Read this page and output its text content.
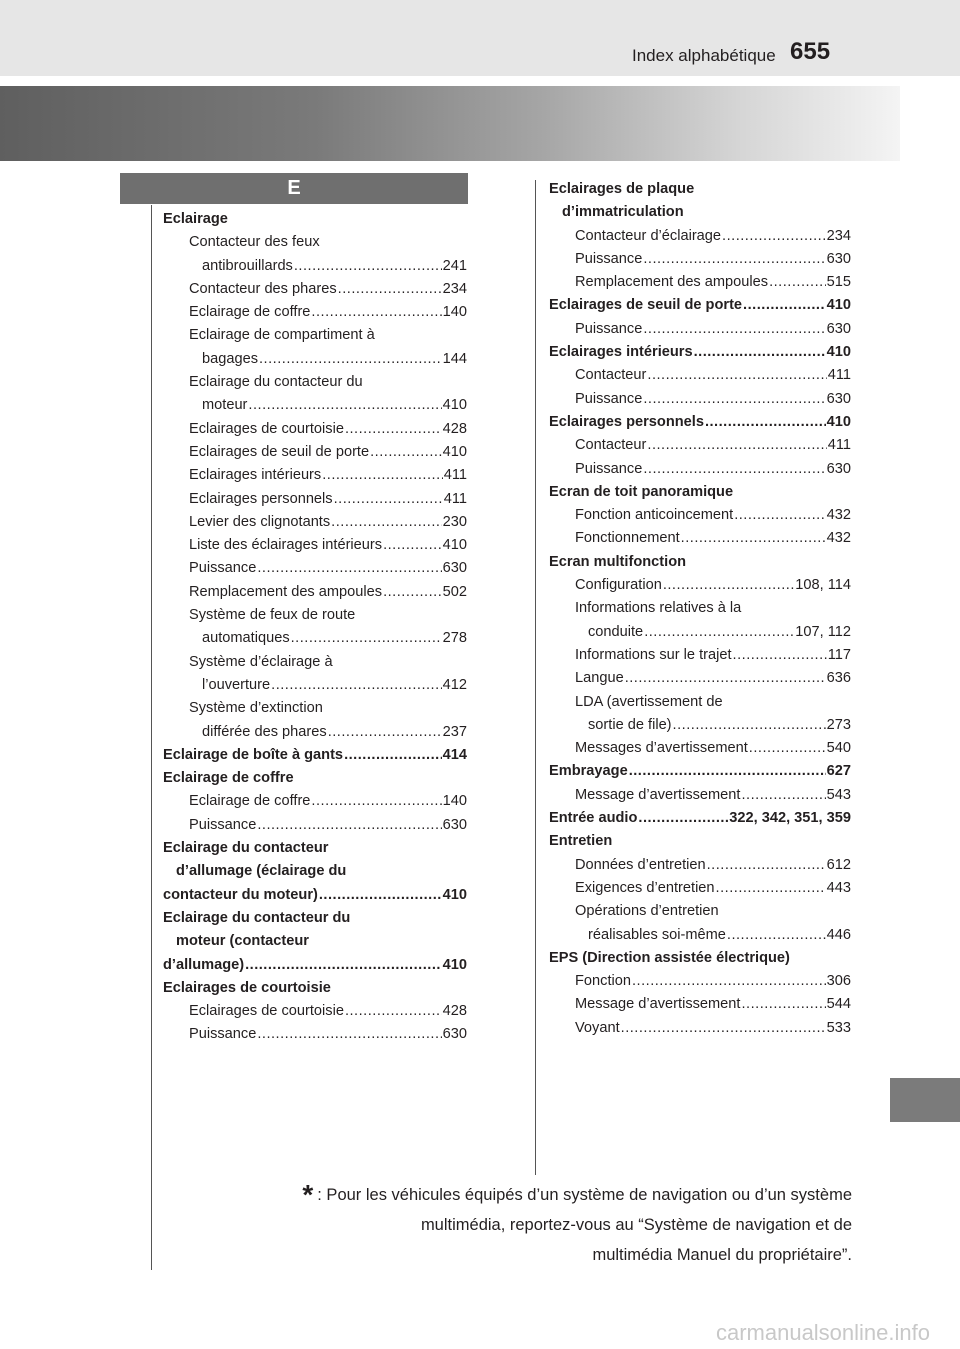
Index alphabétique 655
E
Eclairage
Contacteur des feux
antibrouillards .....	241
Contacteur des phares .....	234
Eclairage de coffre .....	140
Eclairage de compartiment à
bagages .....	144
Eclairage du contacteur du
moteur .....	410
Eclairages de courtoisie .....	428
Eclairages de seuil de porte .....	410
Eclairages intérieurs .....	411
Eclairages personnels .....	411
Levier des clignotants .....	230
Liste des éclairages intérieurs .....	410
Puissance .....	630
Remplacement des ampoules .....	502
Système de feux de route
automatiques .....	278
Système d’éclairage à
l’ouverture .....	412
Système d’extinction
différée des phares .....	237
Eclairage de boîte à gants .....	414
Eclairage de coffre
Eclairage de coffre .....	140
Puissance .....	630
Eclairage du contacteur
d’allumage (éclairage du
contacteur du moteur) .....	410
Eclairage du contacteur du
moteur (contacteur
d’allumage) .....	410
Eclairages de courtoisie
Eclairages de courtoisie .....	428
Puissance .....	630
Eclairages de plaque
d’immatriculation
Contacteur d’éclairage .....	234
Puissance .....	630
Remplacement des ampoules .....	515
Eclairages de seuil de porte .....	410
Puissance .....	630
Eclairages intérieurs .....	410
Contacteur .....	411
Puissance .....	630
Eclairages personnels .....	410
Contacteur .....	411
Puissance .....	630
Ecran de toit panoramique
Fonction anticoincement .....	432
Fonctionnement .....	432
Ecran multifonction
Configuration .....	108, 114
Informations relatives à la
conduite .....	107, 112
Informations sur le trajet .....	117
Langue .....	636
LDA (avertissement de
sortie de file) .....	273
Messages d’avertissement .....	540
Embrayage .....	627
Message d’avertissement .....	543
Entrée audio .....	322, 342, 351, 359
Entretien
Données d’entretien .....	612
Exigences d’entretien .....	443
Opérations d’entretien
réalisables soi-même .....	446
EPS (Direction assistée électrique)
Fonction .....	306
Message d’avertissement .....	544
Voyant .....	533
* : Pour les véhicules équipés d’un système de navigation ou d’un système
multimédia, reportez-vous au “Système de navigation et de
multimédia Manuel du propriétaire”.
carmanualsonline.info
